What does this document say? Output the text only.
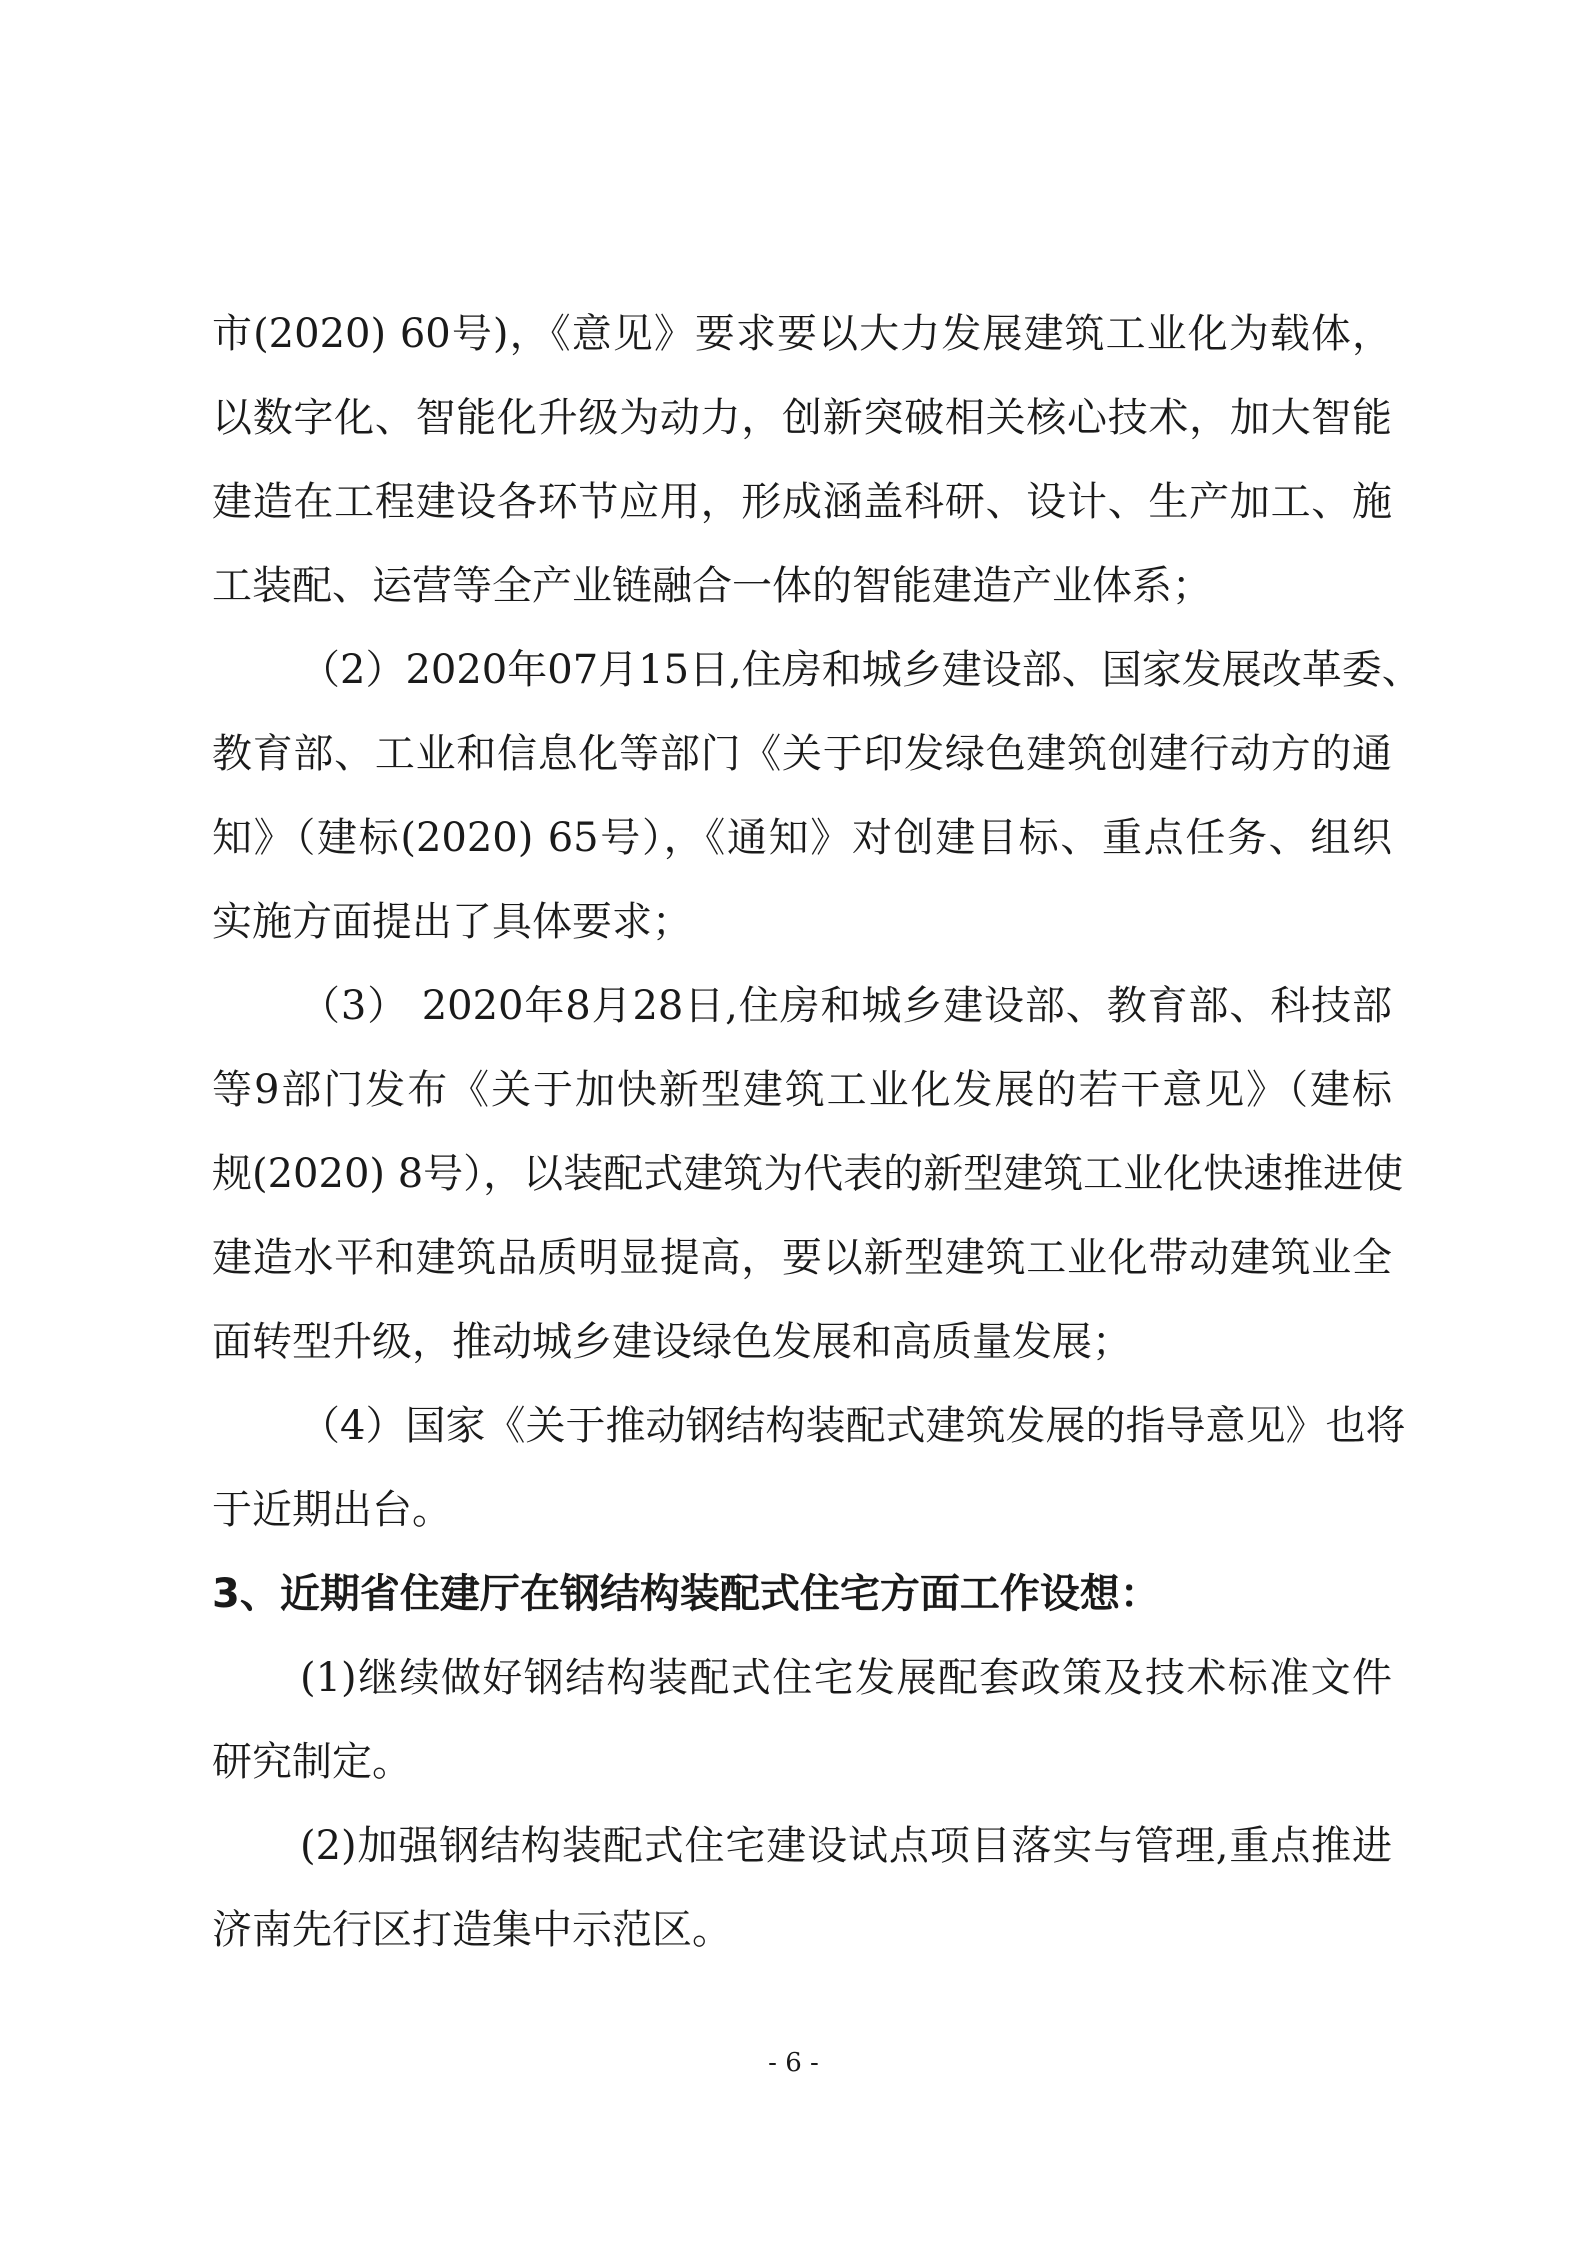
市(2020) 60号)，《意见》要求要以大力发展建筑工业化为载体，
以数字化、智能化升级为动力，创新突破相关核心技术，加大智能
建造在工程建设各环节应用，形成涵盖科研、设计、生产加工、施
工装配、运营等全产业链融合一体的智能建造产业体系；
（2）2020年07月15日,住房和城乡建设部、国家发展改革委、
教育部、工业和信息化等部门《关于印发绿色建筑创建行动方的通
知》（建标(2020) 65号），《通知》对创建目标、重点任务、组织
实施方面提出了具体要求；
（3） 2020年8月28日,住房和城乡建设部、教育部、科技部
等9部门发布《关于加快新型建筑工业化发展的若干意见》（建标
规(2020) 8号），以装配式建筑为代表的新型建筑工业化快速推进使
建造水平和建筑品质明显提高，要以新型建筑工业化带动建筑业全
面转型升级，推动城乡建设绿色发展和高质量发展；
（4）国家《关于推动钢结构装配式建筑发展的指导意见》也将
于近期出台。
3、近期省住建厅在钢结构装配式住宅方面工作设想：
(1)继续做好钢结构装配式住宅发展配套政策及技术标准文件
研究制定。
(2)加强钢结构装配式住宅建设试点项目落实与管理,重点推进
济南先行区打造集中示范区。
- 6 -
